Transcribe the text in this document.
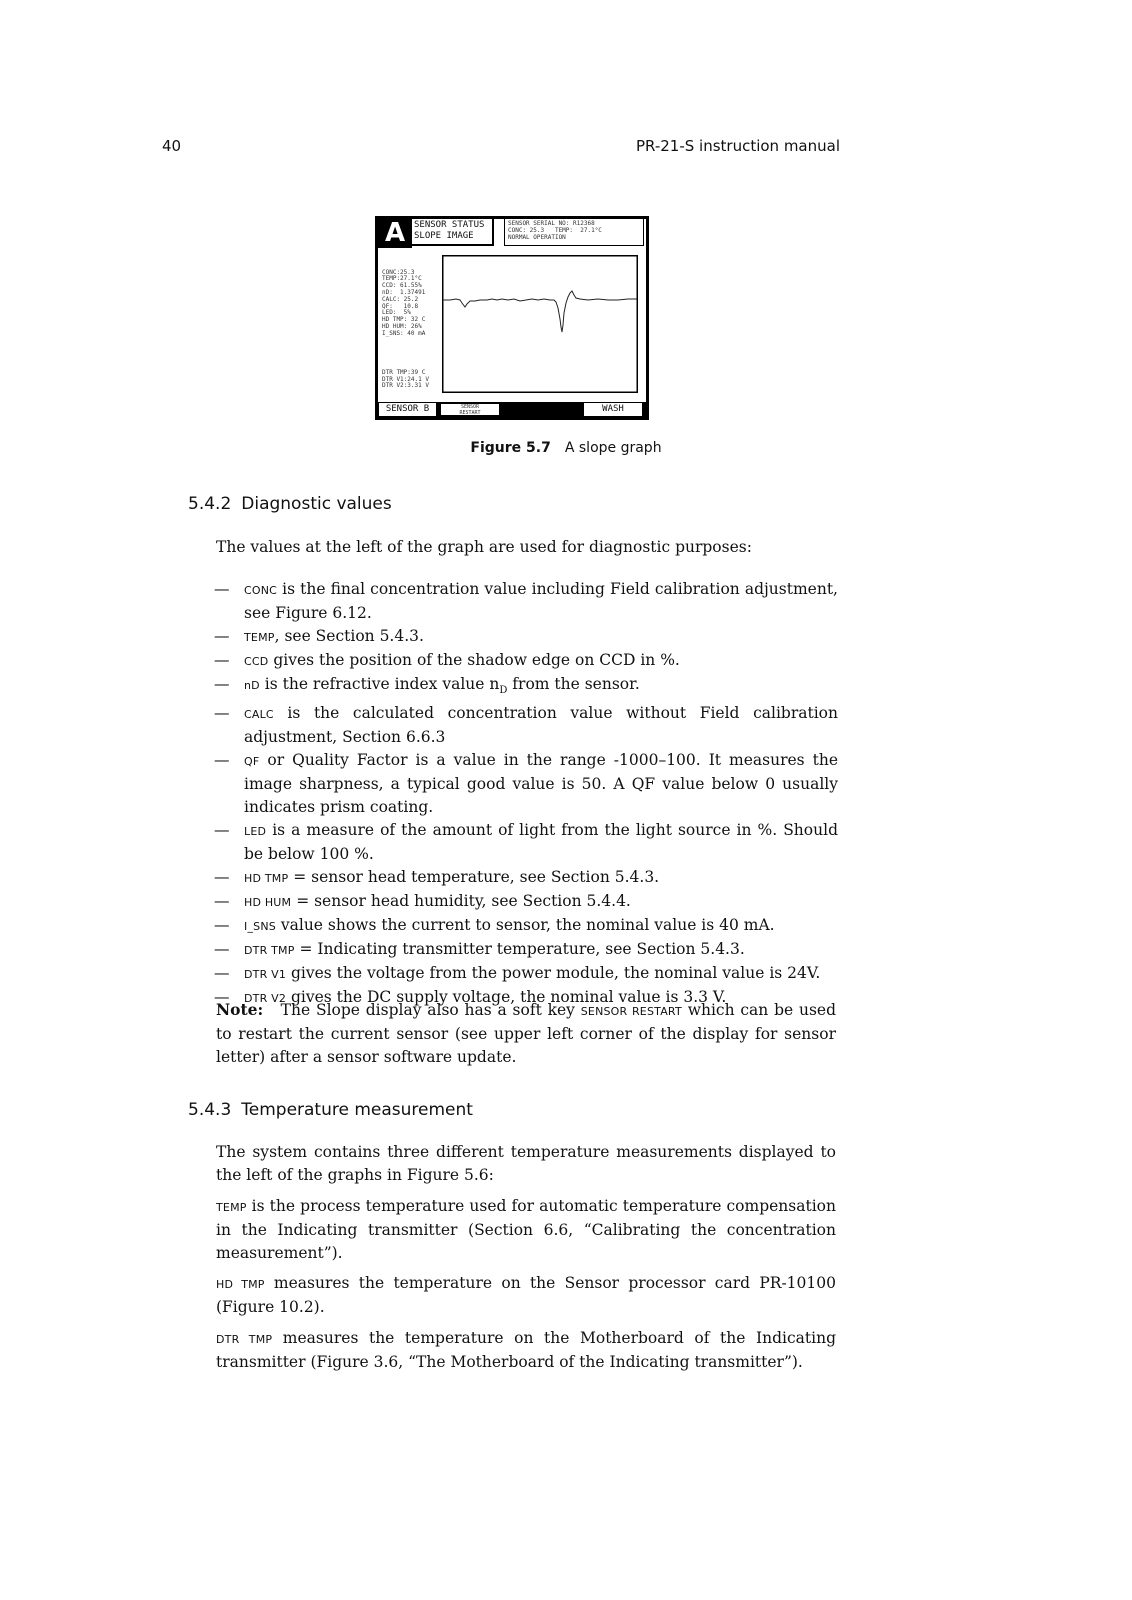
40	PR-21-S instruction manual
A SENSOR STATUS
SLOPE IMAGE
SENSOR SERIAL NO: R12368
CONC: 25.3   TEMP:  27.1°C
NORMAL OPERATION

CONC:25.3
TEMP:27.1°C
CCD: 61.55%
nD:  1.37491
CALC: 25.2
QF:   10.8
LED:  5%
HD TMP: 32 C
HD HUM: 26%
I_SNS: 40 mA

DTR TMP:39 C
DTR V1:24.1 V
DTR V2:3.31 V

SENSOR B	SENSOR
RESTART	WASH
Figure 5.7 A slope graph
5.4.2 Diagnostic values

The values at the left of the graph are used for diagnostic purposes:

— CONC is the final concentration value including Field calibration adjustment, see Figure 6.12.
— TEMP, see Section 5.4.3.
— CCD gives the position of the shadow edge on CCD in %.
— nD is the refractive index value $n_D$ from the sensor.
— CALC is the calculated concentration value without Field calibration adjustment, Section 6.6.3
— QF or Quality Factor is a value in the range -1000–100. It measures the image sharpness, a typical good value is 50. A QF value below 0 usually indicates prism coating.
— LED is a measure of the amount of light from the light source in %. Should be below 100 %.
— HD TMP = sensor head temperature, see Section 5.4.3.
— HD HUM = sensor head humidity, see Section 5.4.4.
— I_SNS value shows the current to sensor, the nominal value is 40 mA.
— DTR TMP = Indicating transmitter temperature, see Section 5.4.3.
— DTR V1 gives the voltage from the power module, the nominal value is 24V.
— DTR V2 gives the DC supply voltage, the nominal value is 3.3 V.

Note: The Slope display also has a soft key SENSOR RESTART which can be used to restart the current sensor (see upper left corner of the display for sensor letter) after a sensor software update.

5.4.3 Temperature measurement

The system contains three different temperature measurements displayed to the left of the graphs in Figure 5.6:

TEMP is the process temperature used for automatic temperature compensation in the Indicating transmitter (Section 6.6, “Calibrating the concentration measurement”).

HD TMP measures the temperature on the Sensor processor card PR-10100 (Figure 10.2).

DTR TMP measures the temperature on the Motherboard of the Indicating transmitter (Figure 3.6, “The Motherboard of the Indicating transmitter”).
